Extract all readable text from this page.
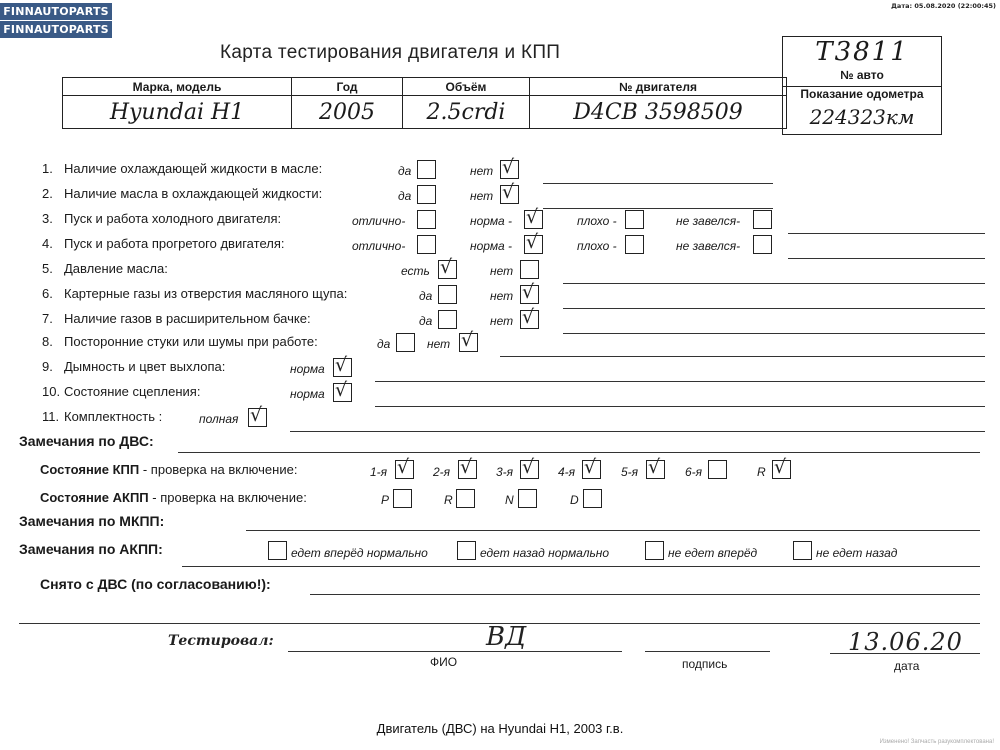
FINNAUTOPARTS
FINNAUTOPARTS
Дата: 05.08.2020 (22:00:45)
Карта тестирования двигателя и КПП	Т3811
№ авто
Показание одометра
224323км
Марка, модель	Год	Объём	№ двигателя
Hyundai H1	2005	2.5crdi	D4CB 3598509
1. Наличие охлаждающей жидкости в масле:	да	нет √
2. Наличие масла в охлаждающей жидкости:	да	нет √
3. Пуск и работа холодного двигателя:	отлично-	норма - √	плохо -	не завелся-
4. Пуск и работа прогретого двигателя:	отлично-	норма - √	плохо -	не завелся-
5. Давление масла:	есть √	нет
6. Картерные газы из отверстия масляного щупа:	да	нет √
7. Наличие газов в расширительном бачке:	да	нет √
8. Посторонние стуки или шумы при работе:	да	нет √
9. Дымность и цвет выхлопа:	норма √
10. Состояние сцепления:	норма √
11. Комплектность :	полная √
Замечания по ДВС:
Состояние КПП - проверка на включение:	1-я √ 2-я √ 3-я √ 4-я √ 5-я √ 6-я	R √
Состояние АКПП - проверка на включение:	P	R	N	D
Замечания по МКПП:
Замечания по АКПП:	едет вперёд нормально	едет назад нормально	не едет вперёд	не едет назад
Снято с ДВС (по согласованию!):
Тестировал:	ВД	13.06.20
ФИО	подпись	дата
Двигатель (ДВС) на Hyundai H1, 2003 г.в.
Изменено! Запчасть разукомплектована!
